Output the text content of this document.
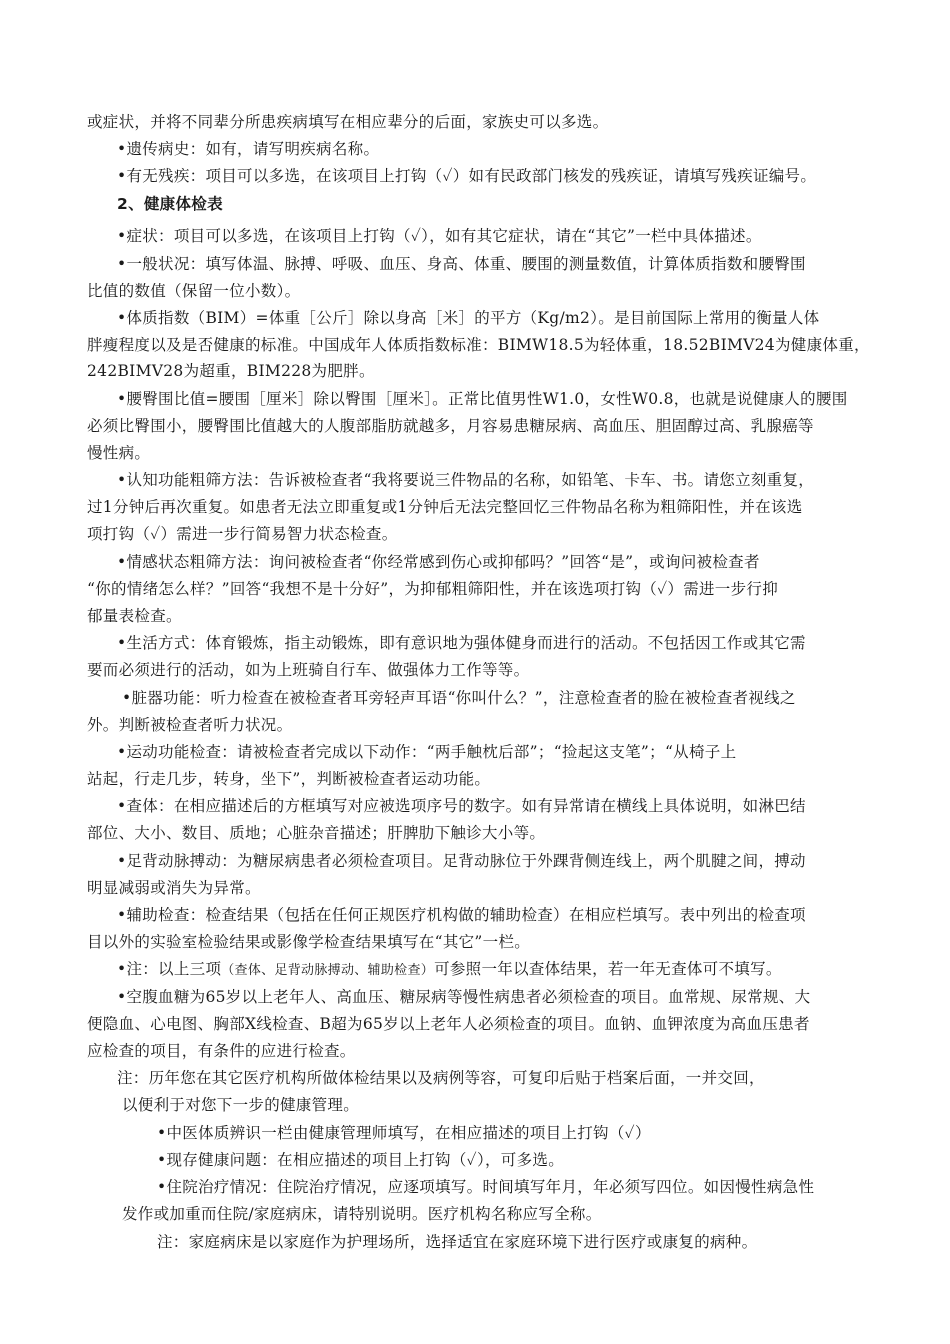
或症状，并将不同辈分所患疾病填写在相应辈分的后面，家族史可以多选。

•遗传病史：如有，请写明疾病名称。

•有无残疾：项目可以多选，在该项目上打钩（✓）如有民政部门核发的残疾证，请填写残疾证编号。

2、健康体检表

•症状：项目可以多选，在该项目上打钩（✓），如有其它症状，请在“其它”一栏中具体描述。

•一般状况：填写体温、脉搏、呼吸、血压、身高、体重、腰围的测量数值，计算体质指数和腰臀围

比值的数值（保留一位小数）。

•体质指数（BIM）=体重［公斤］除以身高［米］的平方（Kg/m2）。是目前国际上常用的衡量人体

胖瘦程度以及是否健康的标准。中国成年人体质指数标准：BIMW18.5为轻体重，18.52BIMV24为健康体重，

242BIMV28为超重，BIM228为肥胖。

•腰臀围比值=腰围［厘米］除以臀围［厘米］。正常比值男性W1.0，女性W0.8，也就是说健康人的腰围

必须比臀围小，腰臀围比值越大的人腹部脂肪就越多，月容易患糖尿病、高血压、胆固醇过高、乳腺癌等

慢性病。

•认知功能粗筛方法：告诉被检查者“我将要说三件物品的名称，如铅笔、卡车、书。请您立刻重复，

过1分钟后再次重复。如患者无法立即重复或1分钟后无法完整回忆三件物品名称为粗筛阳性，并在该选

项打钩（✓）需进一步行简易智力状态检查。

•情感状态粗筛方法：询问被检查者“你经常感到伤心或抑郁吗？”回答“是”，或询问被检查者

“你的情绪怎么样？”回答“我想不是十分好”，为抑郁粗筛阳性，并在该选项打钩（✓）需进一步行抑

郁量表检查。

•生活方式：体育锻炼，指主动锻炼，即有意识地为强体健身而进行的活动。不包括因工作或其它需

要而必须进行的活动，如为上班骑自行车、做强体力工作等等。

•脏器功能：听力检查在被检查者耳旁轻声耳语“你叫什么？”，注意检查者的脸在被检查者视线之

外。判断被检查者听力状况。

•运动功能检查：请被检查者完成以下动作：“两手触枕后部”；“捡起这支笔”；“从椅子上

站起，行走几步，转身，坐下”，判断被检查者运动功能。

•查体：在相应描述后的方框填写对应被选项序号的数字。如有异常请在横线上具体说明，如淋巴结

部位、大小、数目、质地；心脏杂音描述；肝脾肋下触诊大小等。

•足背动脉搏动：为糖尿病患者必须检查项目。足背动脉位于外踝背侧连线上，两个肌腱之间，搏动

明显减弱或消失为异常。

•辅助检查：检查结果（包括在任何正规医疗机构做的辅助检查）在相应栏填写。表中列出的检查项

目以外的实验室检验结果或影像学检查结果填写在“其它”一栏。

•注：以上三项（查体、足背动脉搏动、辅助检查）可参照一年以查体结果，若一年无查体可不填写。

•空腹血糖为65岁以上老年人、高血压、糖尿病等慢性病患者必须检查的项目。血常规、尿常规、大

便隐血、心电图、胸部X线检查、B超为65岁以上老年人必须检查的项目。血钠、血钾浓度为高血压患者

应检查的项目，有条件的应进行检查。

注：历年您在其它医疗机构所做体检结果以及病例等容，可复印后贴于档案后面，一并交回，

以便利于对您下一步的健康管理。

•中医体质辨识一栏由健康管理师填写，在相应描述的项目上打钩（✓）

•现存健康问题：在相应描述的项目上打钩（✓），可多选。

•住院治疗情况：住院治疗情况，应逐项填写。时间填写年月，年必须写四位。如因慢性病急性

发作或加重而住院/家庭病床，请特别说明。医疗机构名称应写全称。

注：家庭病床是以家庭作为护理场所，选择适宜在家庭环境下进行医疗或康复的病种。
